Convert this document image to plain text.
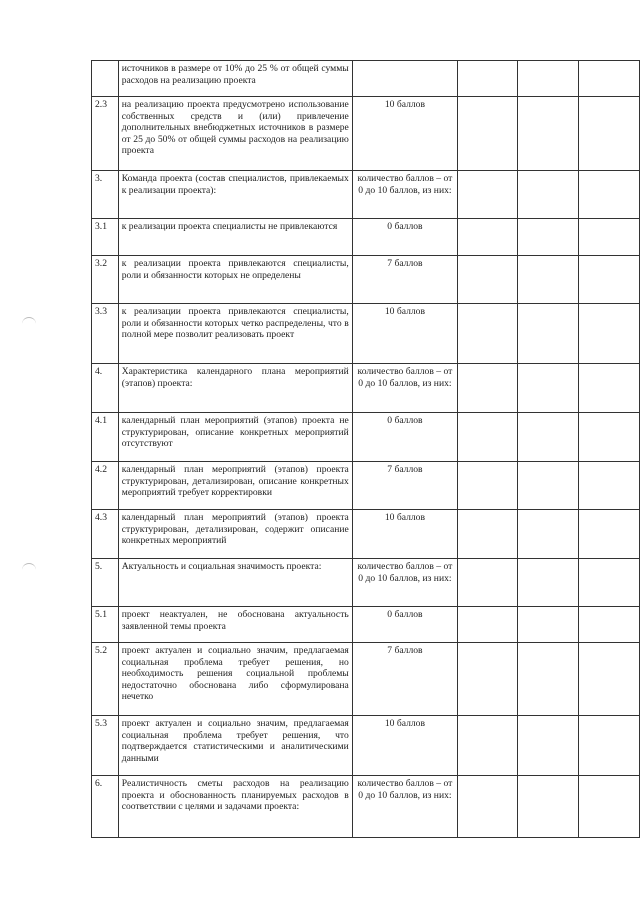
	источников в размере от 10% до 25 % от общей суммы расходов на реализацию проекта				
2.3	на реализацию проекта предусмотрено использование собственных средств и (или) привлечение дополнительных внебюджетных источников в размере от 25 до 50% от общей суммы расходов на реализацию проекта	10 баллов			
3.	Команда проекта (состав специалистов, привлекаемых к реализации проекта):	количество баллов – от 0 до 10 баллов, из них:			
3.1	к реализации проекта специалисты не привлекаются	0 баллов			
3.2	к реализации проекта привлекаются специалисты, роли и обязанности которых не определены	7 баллов			
3.3	к реализации проекта привлекаются специалисты, роли и обязанности которых четко распределены, что в полной мере позволит реализовать проект	10 баллов			
4.	Характеристика календарного плана мероприятий (этапов) проекта:	количество баллов – от 0 до 10 баллов, из них:			
4.1	календарный план мероприятий (этапов) проекта не структурирован, описание конкретных мероприятий отсутствуют	0 баллов			
4.2	календарный план мероприятий (этапов) проекта структурирован, детализирован, описание конкретных мероприятий требует корректировки	7 баллов			
4.3	календарный план мероприятий (этапов) проекта структурирован, детализирован, содержит описание конкретных мероприятий	10 баллов			
5.	Актуальность и социальная значимость проекта:	количество баллов – от 0 до 10 баллов, из них:			
5.1	проект неактуален, не обоснована актуальность заявленной темы проекта	0 баллов			
5.2	проект актуален и социально значим, предлагаемая социальная проблема требует решения, но необходимость решения социальной проблемы недостаточно обоснована либо сформулирована нечетко	7 баллов			
5.3	проект актуален и социально значим, предлагаемая социальная проблема требует решения, что подтверждается статистическими и аналитическими данными	10 баллов			
6.	Реалистичность сметы расходов на реализацию проекта и обоснованность планируемых расходов в соответствии с целями и задачами проекта:	количество баллов – от 0 до 10 баллов, из них:			
